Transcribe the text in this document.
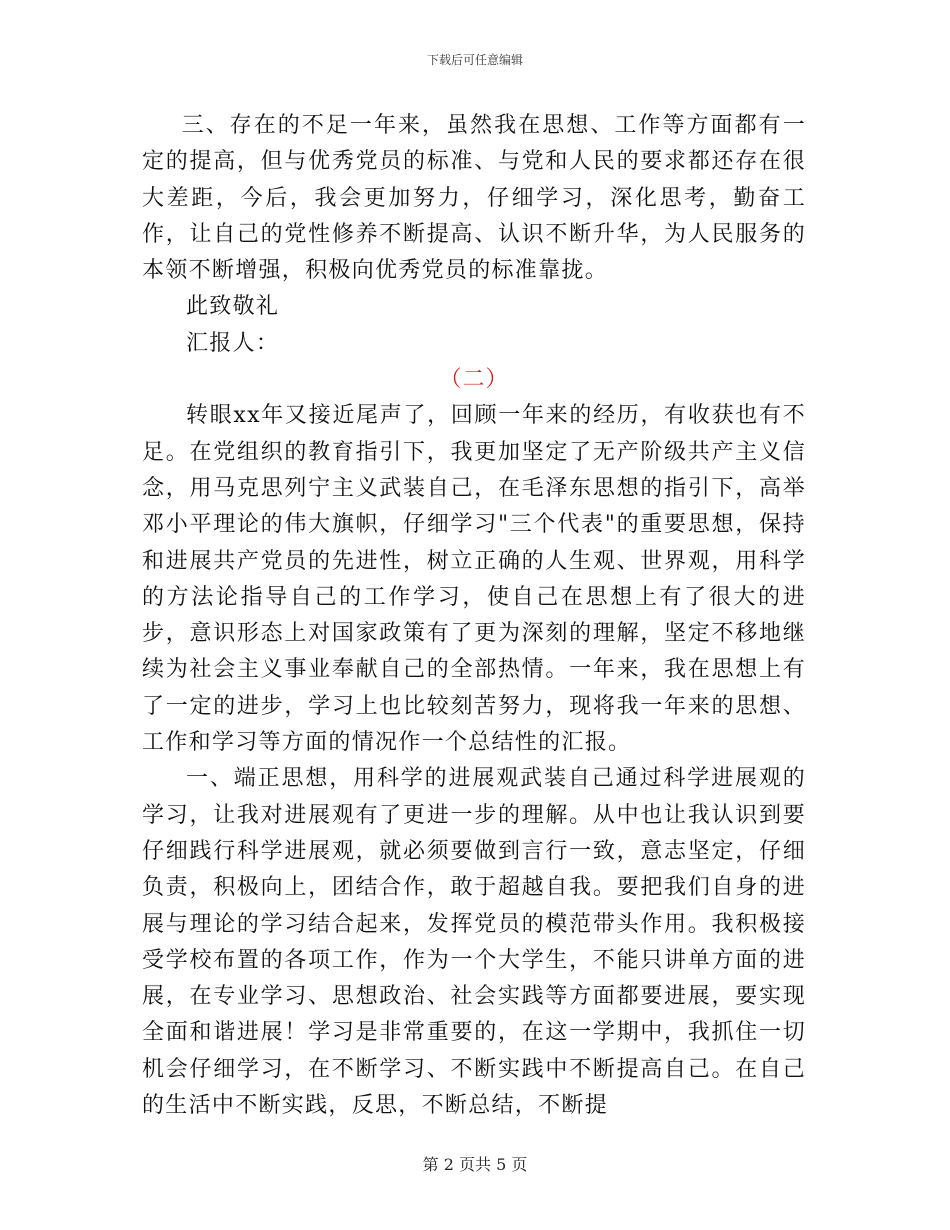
下载后可任意编辑

三、存在的不足一年来，虽然我在思想、工作等方面都有一定的提高，但与优秀党员的标准、与党和人民的要求都还存在很大差距，今后，我会更加努力，仔细学习，深化思考，勤奋工作，让自己的党性修养不断提高、认识不断升华，为人民服务的本领不断增强，积极向优秀党员的标准靠拢。

此致敬礼

汇报人：

（二）

转眼xx年又接近尾声了，回顾一年来的经历，有收获也有不足。在党组织的教育指引下，我更加坚定了无产阶级共产主义信念，用马克思列宁主义武装自己，在毛泽东思想的指引下，高举邓小平理论的伟大旗帜，仔细学习"三个代表"的重要思想，保持和进展共产党员的先进性，树立正确的人生观、世界观，用科学的方法论指导自己的工作学习，使自己在思想上有了很大的进步，意识形态上对国家政策有了更为深刻的理解，坚定不移地继续为社会主义事业奉献自己的全部热情。一年来，我在思想上有了一定的进步，学习上也比较刻苦努力，现将我一年来的思想、工作和学习等方面的情况作一个总结性的汇报。

一、端正思想，用科学的进展观武装自己通过科学进展观的学习，让我对进展观有了更进一步的理解。从中也让我认识到要仔细践行科学进展观，就必须要做到言行一致，意志坚定，仔细负责，积极向上，团结合作，敢于超越自我。要把我们自身的进展与理论的学习结合起来，发挥党员的模范带头作用。我积极接受学校布置的各项工作，作为一个大学生，不能只讲单方面的进展，在专业学习、思想政治、社会实践等方面都要进展，要实现全面和谐进展！学习是非常重要的，在这一学期中，我抓住一切机会仔细学习，在不断学习、不断实践中不断提高自己。在自己的生活中不断实践，反思，不断总结，不断提

第 2 页共 5 页
